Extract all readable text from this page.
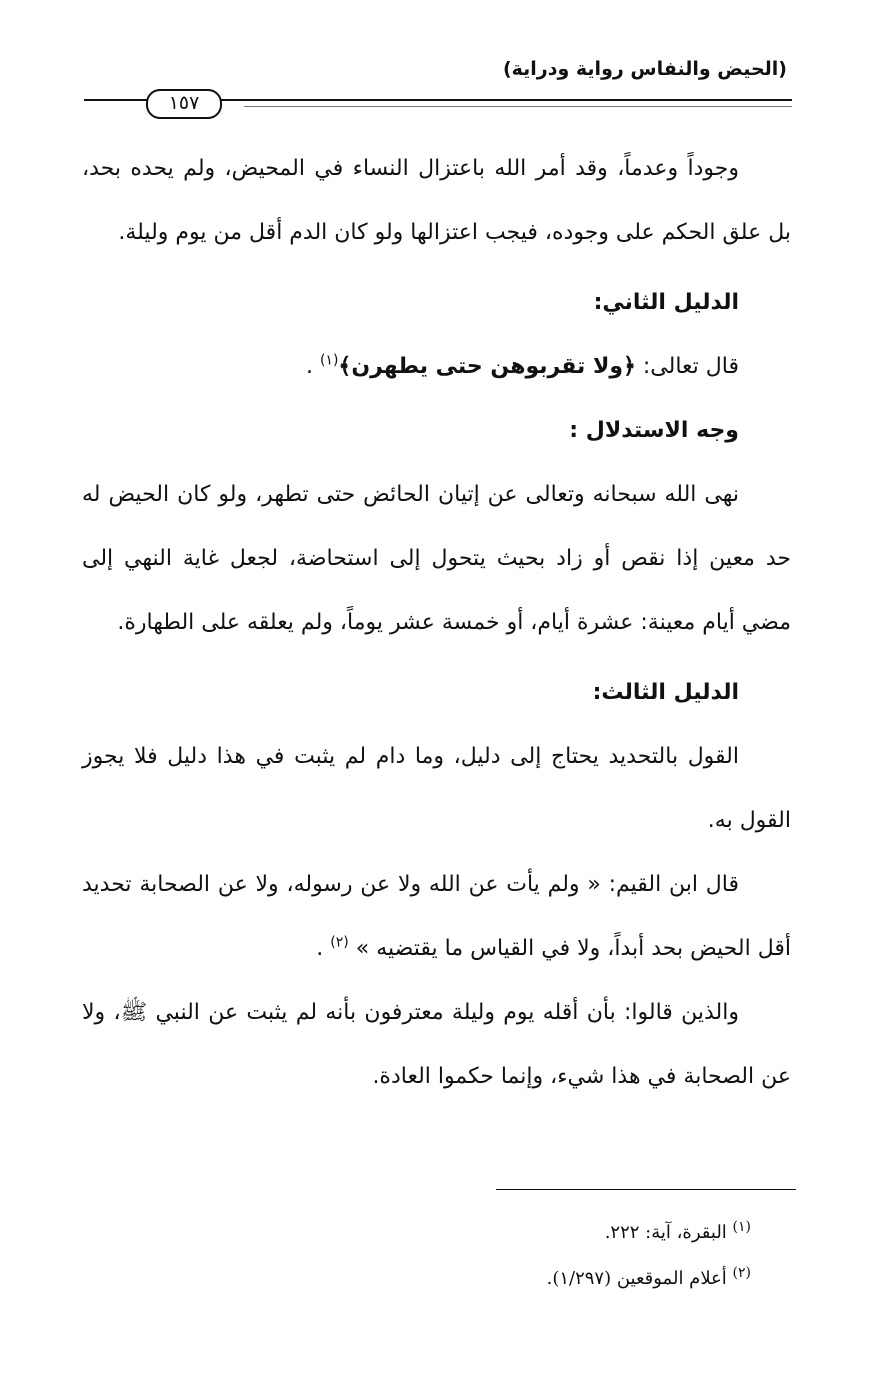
(الحيض والنفاس رواية ودراية)
١٥٧

وجوداً وعدماً، وقد أمر الله باعتزال النساء في المحيض، ولم يحده بحد، بل علق الحكم على وجوده، فيجب اعتزالها ولو كان الدم أقل من يوم وليلة.

الدليل الثاني:

قال تعالى: ﴿ولا تقربوهن حتى يطهرن﴾$^{(١)}$ .

وجه الاستدلال :

نهى الله سبحانه وتعالى عن إتيان الحائض حتى تطهر، ولو كان الحيض له حد معين إذا نقص أو زاد بحيث يتحول إلى استحاضة، لجعل غاية النهي إلى مضي أيام معينة: عشرة أيام، أو خمسة عشر يوماً، ولم يعلقه على الطهارة.

الدليل الثالث:

القول بالتحديد يحتاج إلى دليل، وما دام لم يثبت في هذا دليل فلا يجوز القول به.

قال ابن القيم: « ولم يأت عن الله ولا عن رسوله، ولا عن الصحابة تحديد أقل الحيض بحد أبداً، ولا في القياس ما يقتضيه » $^{(٢)}$ .

والذين قالوا: بأن أقله يوم وليلة معترفون بأنه لم يثبت عن النبي ﷺ، ولا عن الصحابة في هذا شيء، وإنما حكموا العادة.

$^{(١)}$ البقرة، آية: ٢٢٢.

$^{(٢)}$ أعلام الموقعين (١/٢٩٧).
